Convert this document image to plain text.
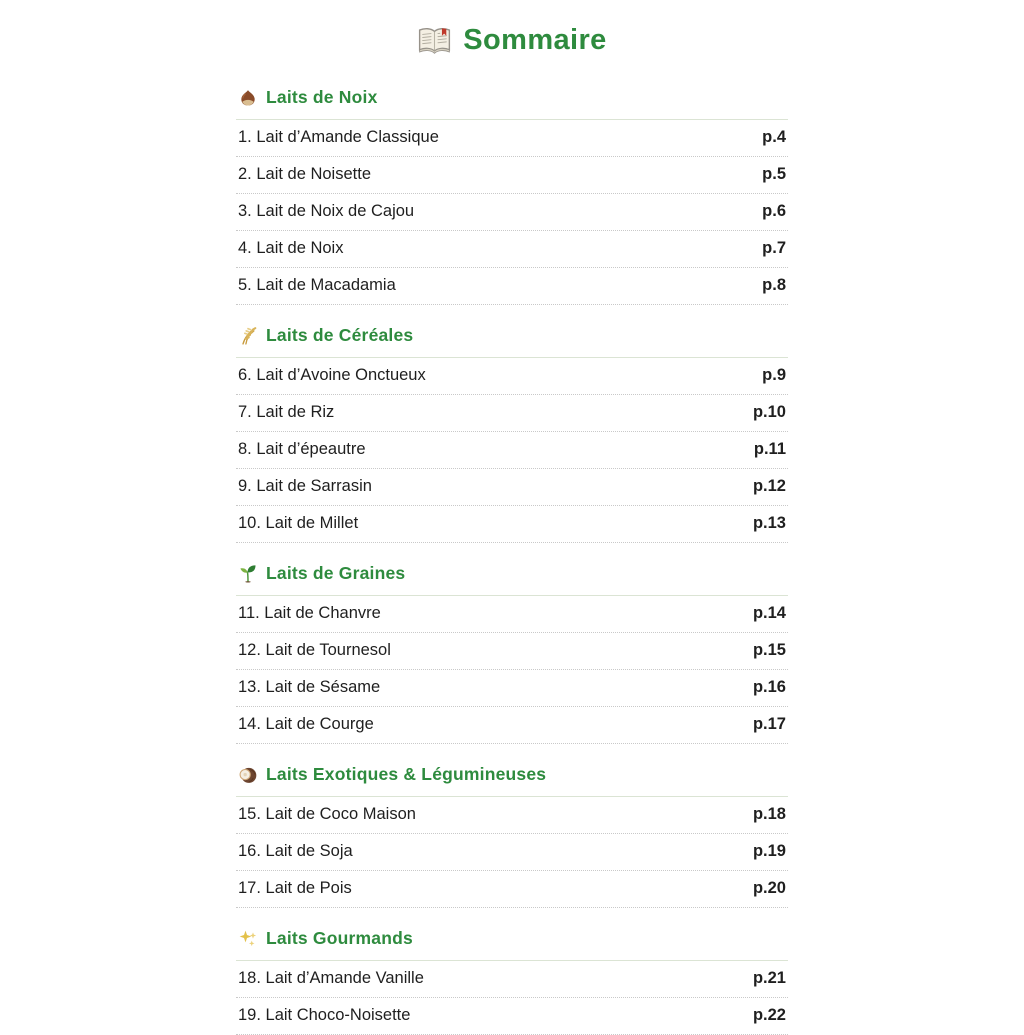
Sommaire
Laits de Noix
1. Lait d’Amande Classique	p.4
2. Lait de Noisette	p.5
3. Lait de Noix de Cajou	p.6
4. Lait de Noix	p.7
5. Lait de Macadamia	p.8
Laits de Céréales
6. Lait d’Avoine Onctueux	p.9
7. Lait de Riz	p.10
8. Lait d’épeautre	p.11
9. Lait de Sarrasin	p.12
10. Lait de Millet	p.13
Laits de Graines
11. Lait de Chanvre	p.14
12. Lait de Tournesol	p.15
13. Lait de Sésame	p.16
14. Lait de Courge	p.17
Laits Exotiques & Légumineuses
15. Lait de Coco Maison	p.18
16. Lait de Soja	p.19
17. Lait de Pois	p.20
Laits Gourmands
18. Lait d’Amande Vanille	p.21
19. Lait Choco-Noisette	p.22
